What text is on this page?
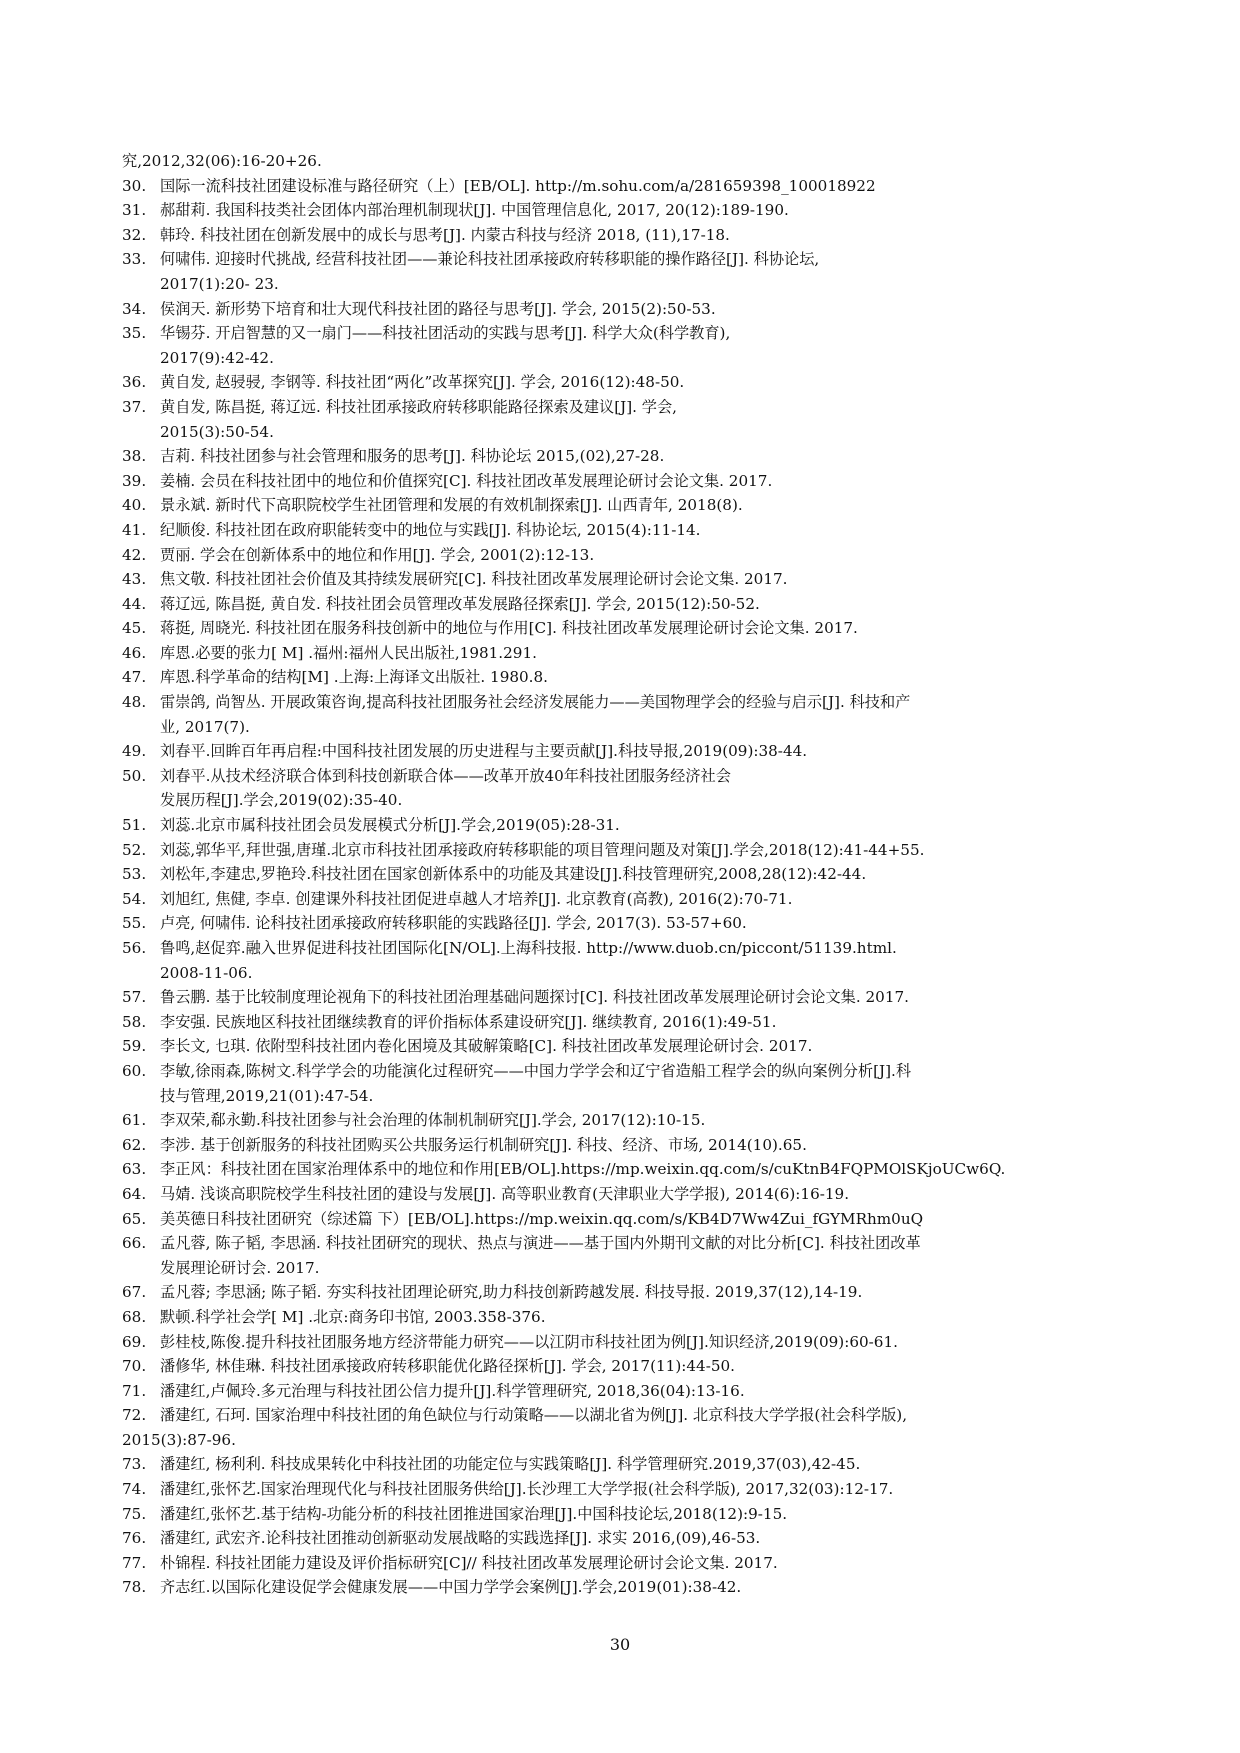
究,2012,32(06):16-20+26.
30. 国际一流科技社团建设标准与路径研究（上）[EB/OL]. http://m.sohu.com/a/281659398_100018922
31. 郝甜莉. 我国科技类社会团体内部治理机制现状[J]. 中国管理信息化, 2017, 20(12):189-190.
32. 韩玲. 科技社团在创新发展中的成长与思考[J]. 内蒙古科技与经济 2018, (11),17-18.
33. 何啸伟. 迎接时代挑战, 经营科技社团——兼论科技社团承接政府转移职能的操作路径[J]. 科协论坛,
2017(1):20- 23.
34. 侯润天. 新形势下培育和壮大现代科技社团的路径与思考[J]. 学会, 2015(2):50-53.
35. 华锡芬. 开启智慧的又一扇门——科技社团活动的实践与思考[J]. 科学大众(科学教育),
2017(9):42-42.
36. 黄自发, 赵骎骎, 李钢等. 科技社团“两化”改革探究[J]. 学会, 2016(12):48-50.
37. 黄自发, 陈昌挺, 蒋辽远. 科技社团承接政府转移职能路径探索及建议[J]. 学会,
2015(3):50-54.
38. 吉莉. 科技社团参与社会管理和服务的思考[J]. 科协论坛 2015,(02),27-28.
39. 姜楠. 会员在科技社团中的地位和价值探究[C]. 科技社团改革发展理论研讨会论文集. 2017.
40. 景永斌. 新时代下高职院校学生社团管理和发展的有效机制探索[J]. 山西青年, 2018(8).
41. 纪顺俊. 科技社团在政府职能转变中的地位与实践[J]. 科协论坛, 2015(4):11-14.
42. 贾丽. 学会在创新体系中的地位和作用[J]. 学会, 2001(2):12-13.
43. 焦文敬. 科技社团社会价值及其持续发展研究[C]. 科技社团改革发展理论研讨会论文集. 2017.
44. 蒋辽远, 陈昌挺, 黄自发. 科技社团会员管理改革发展路径探索[J]. 学会, 2015(12):50-52.
45. 蒋挺, 周晓光. 科技社团在服务科技创新中的地位与作用[C]. 科技社团改革发展理论研讨会论文集. 2017.
46. 库恩.必要的张力[ M] .福州:福州人民出版社,1981.291.
47. 库恩.科学革命的结构[M] .上海:上海译文出版社. 1980.8.
48. 雷崇鸽, 尚智丛. 开展政策咨询,提高科技社团服务社会经济发展能力——美国物理学会的经验与启示[J]. 科技和产
业, 2017(7).
49. 刘春平.回眸百年再启程:中国科技社团发展的历史进程与主要贡献[J].科技导报,2019(09):38-44.
50. 刘春平.从技术经济联合体到科技创新联合体——改革开放40年科技社团服务经济社会
发展历程[J].学会,2019(02):35-40.
51. 刘蕊.北京市属科技社团会员发展模式分析[J].学会,2019(05):28-31.
52. 刘蕊,郭华平,拜世强,唐瑾.北京市科技社团承接政府转移职能的项目管理问题及对策[J].学会,2018(12):41-44+55.
53. 刘松年,李建忠,罗艳玲.科技社团在国家创新体系中的功能及其建设[J].科技管理研究,2008,28(12):42-44.
54. 刘旭红, 焦健, 李卓. 创建课外科技社团促进卓越人才培养[J]. 北京教育(高教), 2016(2):70-71.
55. 卢亮, 何啸伟. 论科技社团承接政府转移职能的实践路径[J]. 学会, 2017(3). 53-57+60.
56. 鲁鸣,赵促弈.融入世界促进科技社团国际化[N/OL].上海科技报. http://www.duob.cn/piccont/51139.html.
2008-11-06.
57. 鲁云鹏. 基于比较制度理论视角下的科技社团治理基础问题探讨[C]. 科技社团改革发展理论研讨会论文集. 2017.
58. 李安强. 民族地区科技社团继续教育的评价指标体系建设研究[J]. 继续教育, 2016(1):49-51.
59. 李长文, 乜琪. 依附型科技社团内卷化困境及其破解策略[C]. 科技社团改革发展理论研讨会. 2017.
60. 李敏,徐雨森,陈树文.科学学会的功能演化过程研究——中国力学学会和辽宁省造船工程学会的纵向案例分析[J].科
技与管理,2019,21(01):47-54.
61. 李双荣,郗永勤.科技社团参与社会治理的体制机制研究[J].学会, 2017(12):10-15.
62. 李涉. 基于创新服务的科技社团购买公共服务运行机制研究[J]. 科技、经济、市场, 2014(10).65.
63. 李正风：科技社团在国家治理体系中的地位和作用[EB/OL].https://mp.weixin.qq.com/s/cuKtnB4FQPMOlSKjoUCw6Q.
64. 马婧. 浅谈高职院校学生科技社团的建设与发展[J]. 高等职业教育(天津职业大学学报), 2014(6):16-19.
65. 美英德日科技社团研究（综述篇 下）[EB/OL].https://mp.weixin.qq.com/s/KB4D7Ww4Zui_fGYMRhm0uQ
66. 孟凡蓉, 陈子韬, 李思涵. 科技社团研究的现状、热点与演进——基于国内外期刊文献的对比分析[C]. 科技社团改革
发展理论研讨会. 2017.
67. 孟凡蓉; 李思涵; 陈子韬. 夯实科技社团理论研究,助力科技创新跨越发展. 科技导报. 2019,37(12),14-19.
68. 默顿.科学社会学[ M] .北京:商务印书馆, 2003.358-376.
69. 彭桂枝,陈俊.提升科技社团服务地方经济带能力研究——以江阴市科技社团为例[J].知识经济,2019(09):60-61.
70. 潘修华, 林佳琳. 科技社团承接政府转移职能优化路径探析[J]. 学会, 2017(11):44-50.
71. 潘建红,卢佩玲.多元治理与科技社团公信力提升[J].科学管理研究, 2018,36(04):13-16.
72. 潘建红, 石珂. 国家治理中科技社团的角色缺位与行动策略——以湖北省为例[J]. 北京科技大学学报(社会科学版),
2015(3):87-96.
73. 潘建红, 杨利利. 科技成果转化中科技社团的功能定位与实践策略[J]. 科学管理研究.2019,37(03),42-45.
74. 潘建红,张怀艺.国家治理现代化与科技社团服务供给[J].长沙理工大学学报(社会科学版), 2017,32(03):12-17.
75. 潘建红,张怀艺.基于结构-功能分析的科技社团推进国家治理[J].中国科技论坛,2018(12):9-15.
76. 潘建红, 武宏齐.论科技社团推动创新驱动发展战略的实践选择[J]. 求实 2016,(09),46-53.
77. 朴锦程. 科技社团能力建设及评价指标研究[C]// 科技社团改革发展理论研讨会论文集. 2017.
78. 齐志红.以国际化建设促学会健康发展——中国力学学会案例[J].学会,2019(01):38-42.
30
